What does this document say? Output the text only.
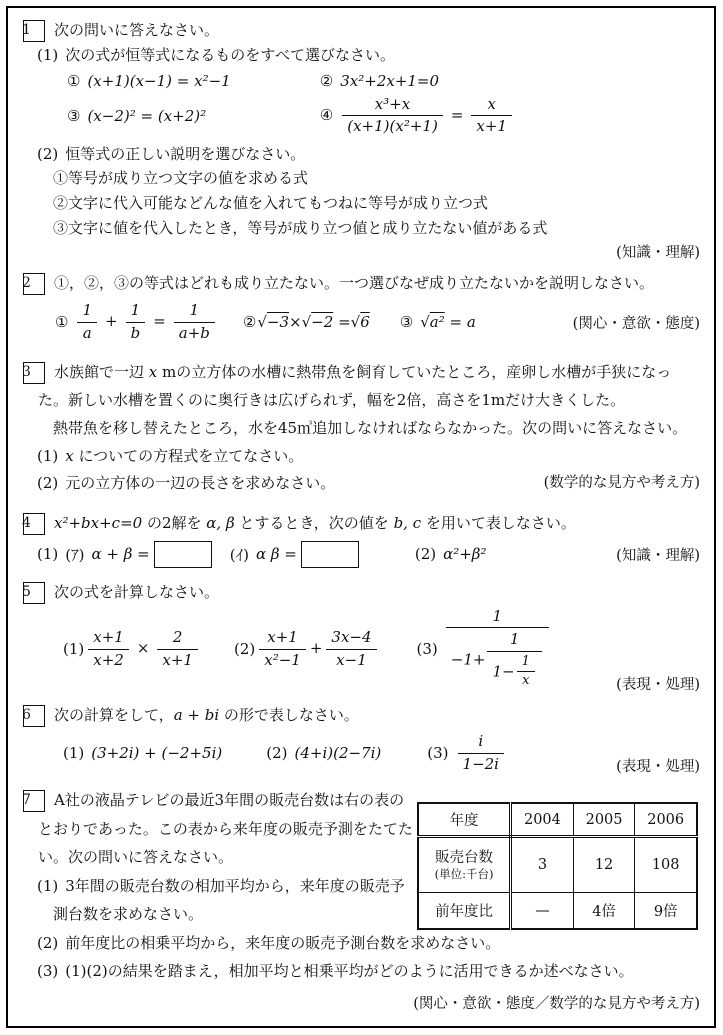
1 次の問いに答えなさい。
(1) 次の式が恒等式になるものをすべて選びなさい。
① (x+1)(x−1) = x²−1	② 3x²+2x+1=0
③ (x−2)² = (x+2)²	④ $\frac{\text{x³+x}}{\text{(x+1)(x²+1)}} = \frac{x}{x+1}$
(2) 恒等式の正しい説明を選びなさい。
①等号が成り立つ文字の値を求める式
②文字に代入可能などんな値を入れてもつねに等号が成り立つ式
③文字に値を代入したとき，等号が成り立つ値と成り立たない値がある式
(知識・理解)
2 ①，②，③の等式はどれも成り立たない。一つ選びなぜ成り立たないかを説明しなさい。
① $\frac{1}{a} + \frac{1}{b} = \frac{1}{a+b}$ ② √−3×√−2 =√6 ③ √a² = a	(関心・意欲・態度)
3 水族館で一辺 x mの立方体の水槽に熱帯魚を飼育していたところ，産卵し水槽が手狭になった。新しい水槽を置くのに奥行きは広げられず，幅を2倍，高さを1mだけ大きくした。
熱帯魚を移し替えたところ，水を45㎥追加しなければならなかった。次の問いに答えなさい。
(1) x についての方程式を立てなさい。
(数学的な見方や考え方)
(2) 元の立方体の一辺の長さを求めなさい。
4 x²+bx+c=0 の2解を α, β とするとき，次の値を b, c を用いて表しなさい。
(1) (ｱ) α + β =	(ｲ) α β =	(2) α²+β²	(知識・理解)
5 次の式を計算しなさい。
$(1) \frac{x+1}{x+2} \times \frac{2}{x+1} (2) \frac{x+1}{\text{x²−1}} + \frac{3x-4}{x-1}$	$(3) \frac{1}{-1+ \frac{1}{1- \frac{1}{x}}}$	(表現・処理)
6 次の計算をして，a + bi の形で表しなさい。
(1) (3+2i) + (−2+5i)	(2) (4+i)(2−7i)	$(3) \frac{i}{1-2i}$	(表現・処理)
7 A社の液晶テレビの最近3年間の販売台数は右の表のとおりであった。この表から来年度の販売予測をたてたい。次の問いに答えなさい。
(1) 3年間の販売台数の相加平均から，来年度の販売予測台数を求めなさい。
年度	2004	2005	2006

販売台数
(単位:千台)	3	12	108
前年度比	—	4倍	9倍
(2) 前年度比の相乗平均から，来年度の販売予測台数を求めなさい。
(3) (1)(2)の結果を踏まえ，相加平均と相乗平均がどのように活用できるか述べなさい。
(関心・意欲・態度／数学的な見方や考え方)
